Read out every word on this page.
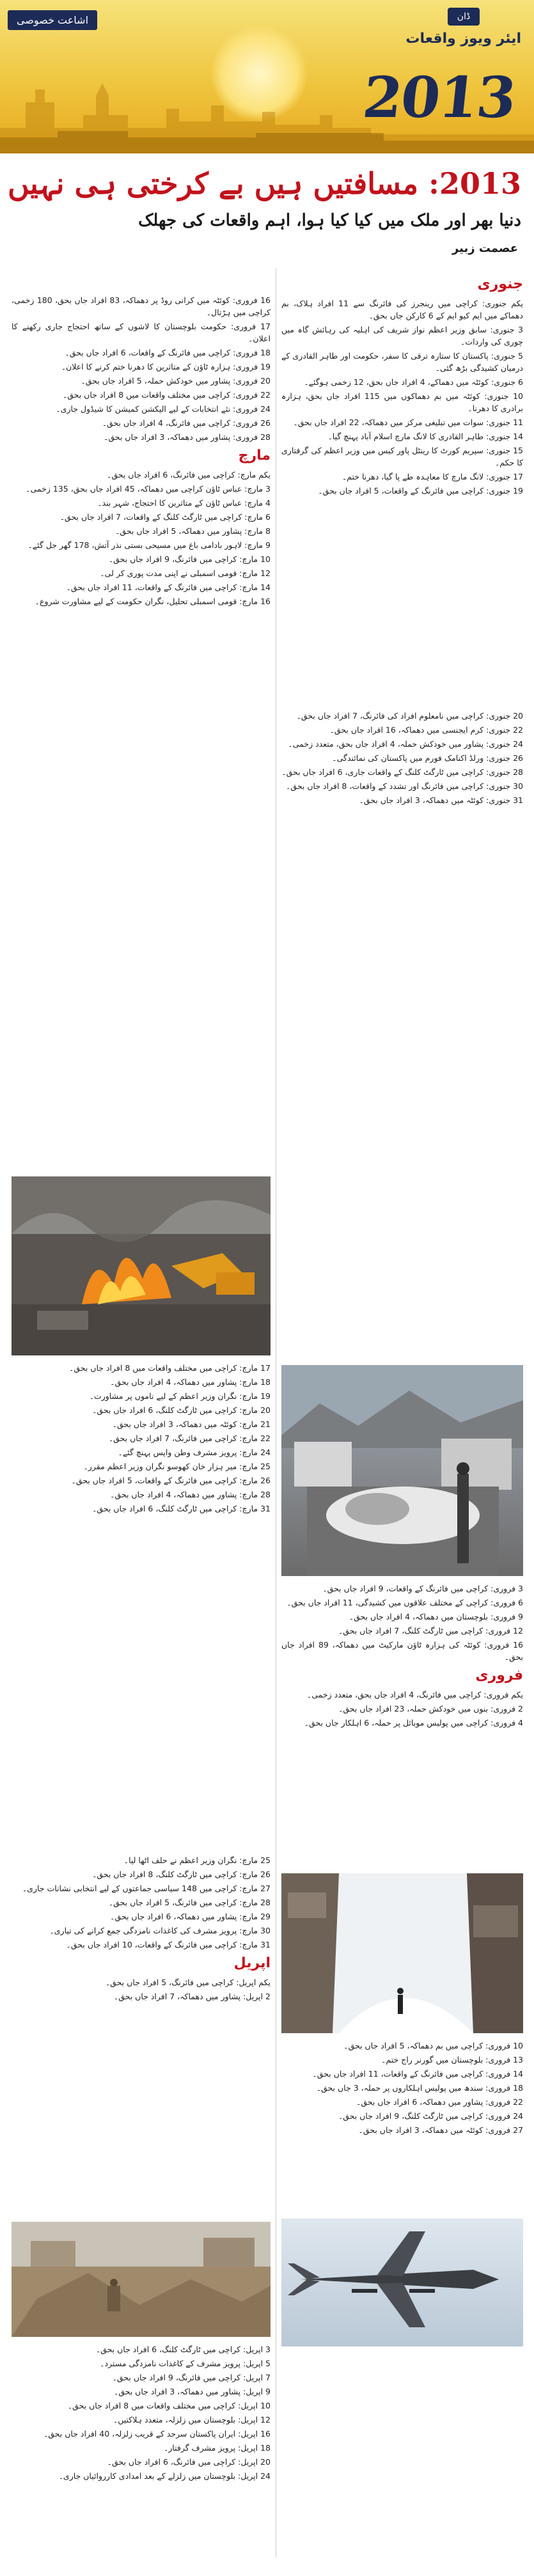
اشاعت خصوصی	ڈان
ایئر ویوز واقعات
2013
2013: مسافتیں ہیں بے کرختی ہی نہیں
دنیا بھر اور ملک میں کیا کیا ہوا، اہم واقعات کی جھلک
عصمت زبیر
جنوری

یکم جنوری: کراچی میں رینجرز کی فائرنگ سے 11 افراد ہلاک، بم دھماکے میں ایم کیو ایم کے 6 کارکن جاں بحق۔

3 جنوری: سابق وزیر اعظم نواز شریف کی اہلیہ کی رہائش گاہ میں چوری کی واردات۔

5 جنوری: پاکستان کا ستارہ ترقی کا سفر، حکومت اور طاہر القادری کے درمیان کشیدگی بڑھ گئی۔

6 جنوری: کوئٹہ میں دھماکے، 4 افراد جاں بحق، 12 زخمی ہوگئے۔

10 جنوری: کوئٹہ میں بم دھماکوں میں 115 افراد جاں بحق، ہزارہ برادری کا دھرنا۔

11 جنوری: سوات میں تبلیغی مرکز میں دھماکہ، 22 افراد جاں بحق۔

14 جنوری: طاہر القادری کا لانگ مارچ اسلام آباد پہنچ گیا۔

15 جنوری: سپریم کورٹ کا رینٹل پاور کیس میں وزیر اعظم کی گرفتاری کا حکم۔

17 جنوری: لانگ مارچ کا معاہدہ طے پا گیا، دھرنا ختم۔

19 جنوری: کراچی میں فائرنگ کے واقعات، 5 افراد جاں بحق۔

20 جنوری: کراچی میں نامعلوم افراد کی فائرنگ، 7 افراد جاں بحق۔

22 جنوری: کرم ایجنسی میں دھماکہ، 16 افراد جاں بحق۔

24 جنوری: پشاور میں خودکش حملہ، 4 افراد جاں بحق، متعدد زخمی۔

26 جنوری: ورلڈ اکنامک فورم میں پاکستان کی نمائندگی۔

28 جنوری: کراچی میں ٹارگٹ کلنگ کے واقعات جاری، 6 افراد جاں بحق۔

30 جنوری: کراچی میں فائرنگ اور تشدد کے واقعات، 8 افراد جاں بحق۔

31 جنوری: کوئٹہ میں دھماکہ، 3 افراد جاں بحق۔

3 فروری: کراچی میں فائرنگ کے واقعات، 9 افراد جاں بحق۔

6 فروری: کراچی کے مختلف علاقوں میں کشیدگی، 11 افراد جاں بحق۔

9 فروری: بلوچستان میں دھماکہ، 4 افراد جاں بحق۔

12 فروری: کراچی میں ٹارگٹ کلنگ، 7 افراد جاں بحق۔

16 فروری: کوئٹہ کی ہزارہ ٹاؤن مارکیٹ میں دھماکہ، 89 افراد جاں بحق۔

فروری

یکم فروری: کراچی میں فائرنگ، 4 افراد جاں بحق، متعدد زخمی۔

2 فروری: بنوں میں خودکش حملہ، 23 افراد جاں بحق۔

4 فروری: کراچی میں پولیس موبائل پر حملہ، 6 اہلکار جاں بحق۔

10 فروری: کراچی میں بم دھماکہ، 5 افراد جاں بحق۔

13 فروری: بلوچستان میں گورنر راج ختم۔

14 فروری: کراچی میں فائرنگ کے واقعات، 11 افراد جاں بحق۔

18 فروری: سندھ میں پولیس اہلکاروں پر حملہ، 3 جاں بحق۔

22 فروری: پشاور میں دھماکہ، 6 افراد جاں بحق۔

24 فروری: کراچی میں ٹارگٹ کلنگ، 9 افراد جاں بحق۔

27 فروری: کوئٹہ میں دھماکہ، 3 افراد جاں بحق۔

16 فروری: کوئٹہ میں کرانی روڈ پر دھماکہ، 83 افراد جاں بحق، 180 زخمی، کراچی میں ہڑتال۔

17 فروری: حکومت بلوچستان کا لاشوں کے ساتھ احتجاج جاری رکھنے کا اعلان۔

18 فروری: کراچی میں فائرنگ کے واقعات، 6 افراد جاں بحق۔

19 فروری: ہزارہ ٹاؤن کے متاثرین کا دھرنا ختم کرنے کا اعلان۔

20 فروری: پشاور میں خودکش حملہ، 5 افراد جاں بحق۔

22 فروری: کراچی میں مختلف واقعات میں 8 افراد جاں بحق۔

24 فروری: نئے انتخابات کے لیے الیکشن کمیشن کا شیڈول جاری۔

26 فروری: کراچی میں فائرنگ، 4 افراد جاں بحق۔

28 فروری: پشاور میں دھماکہ، 3 افراد جاں بحق۔

مارچ

یکم مارچ: کراچی میں فائرنگ، 6 افراد جاں بحق۔

3 مارچ: عباس ٹاؤن کراچی میں دھماکہ، 45 افراد جاں بحق، 135 زخمی۔

4 مارچ: عباس ٹاؤن کے متاثرین کا احتجاج، شہر بند۔

6 مارچ: کراچی میں ٹارگٹ کلنگ کے واقعات، 7 افراد جاں بحق۔

8 مارچ: پشاور میں دھماکہ، 5 افراد جاں بحق۔

9 مارچ: لاہور بادامی باغ میں مسیحی بستی نذر آتش، 178 گھر جل گئے۔

10 مارچ: کراچی میں فائرنگ، 9 افراد جاں بحق۔

12 مارچ: قومی اسمبلی نے اپنی مدت پوری کر لی۔

14 مارچ: کراچی میں فائرنگ کے واقعات، 11 افراد جاں بحق۔

16 مارچ: قومی اسمبلی تحلیل، نگران حکومت کے لیے مشاورت شروع۔

17 مارچ: کراچی میں مختلف واقعات میں 8 افراد جاں بحق۔

18 مارچ: پشاور میں دھماکہ، 4 افراد جاں بحق۔

19 مارچ: نگران وزیر اعظم کے لیے ناموں پر مشاورت۔

20 مارچ: کراچی میں ٹارگٹ کلنگ، 6 افراد جاں بحق۔

21 مارچ: کوئٹہ میں دھماکہ، 3 افراد جاں بحق۔

22 مارچ: کراچی میں فائرنگ، 7 افراد جاں بحق۔

24 مارچ: پرویز مشرف وطن واپس پہنچ گئے۔

25 مارچ: میر ہزار خان کھوسو نگران وزیر اعظم مقرر۔

26 مارچ: کراچی میں فائرنگ کے واقعات، 5 افراد جاں بحق۔

28 مارچ: پشاور میں دھماکہ، 4 افراد جاں بحق۔

31 مارچ: کراچی میں ٹارگٹ کلنگ، 6 افراد جاں بحق۔

25 مارچ: نگران وزیر اعظم نے حلف اٹھا لیا۔

26 مارچ: کراچی میں ٹارگٹ کلنگ، 8 افراد جاں بحق۔

27 مارچ: کراچی میں 148 سیاسی جماعتوں کے لیے انتخابی نشانات جاری۔

28 مارچ: کراچی میں فائرنگ، 5 افراد جاں بحق۔

29 مارچ: پشاور میں دھماکہ، 6 افراد جاں بحق۔

30 مارچ: پرویز مشرف کی کاغذات نامزدگی جمع کرانے کی تیاری۔

31 مارچ: کراچی میں فائرنگ کے واقعات، 10 افراد جاں بحق۔

اپریل

یکم اپریل: کراچی میں فائرنگ، 5 افراد جاں بحق۔

2 اپریل: پشاور میں دھماکہ، 7 افراد جاں بحق۔

3 اپریل: کراچی میں ٹارگٹ کلنگ، 6 افراد جاں بحق۔

5 اپریل: پرویز مشرف کے کاغذات نامزدگی مسترد۔

7 اپریل: کراچی میں فائرنگ، 9 افراد جاں بحق۔

9 اپریل: پشاور میں دھماکہ، 3 افراد جاں بحق۔

10 اپریل: کراچی میں مختلف واقعات میں 8 افراد جاں بحق۔

12 اپریل: بلوچستان میں زلزلہ، متعدد ہلاکتیں۔

16 اپریل: ایران پاکستان سرحد کے قریب زلزلہ، 40 افراد جاں بحق۔

18 اپریل: پرویز مشرف گرفتار۔

20 اپریل: کراچی میں فائرنگ، 6 افراد جاں بحق۔

24 اپریل: بلوچستان میں زلزلے کے بعد امدادی کارروائیاں جاری۔
